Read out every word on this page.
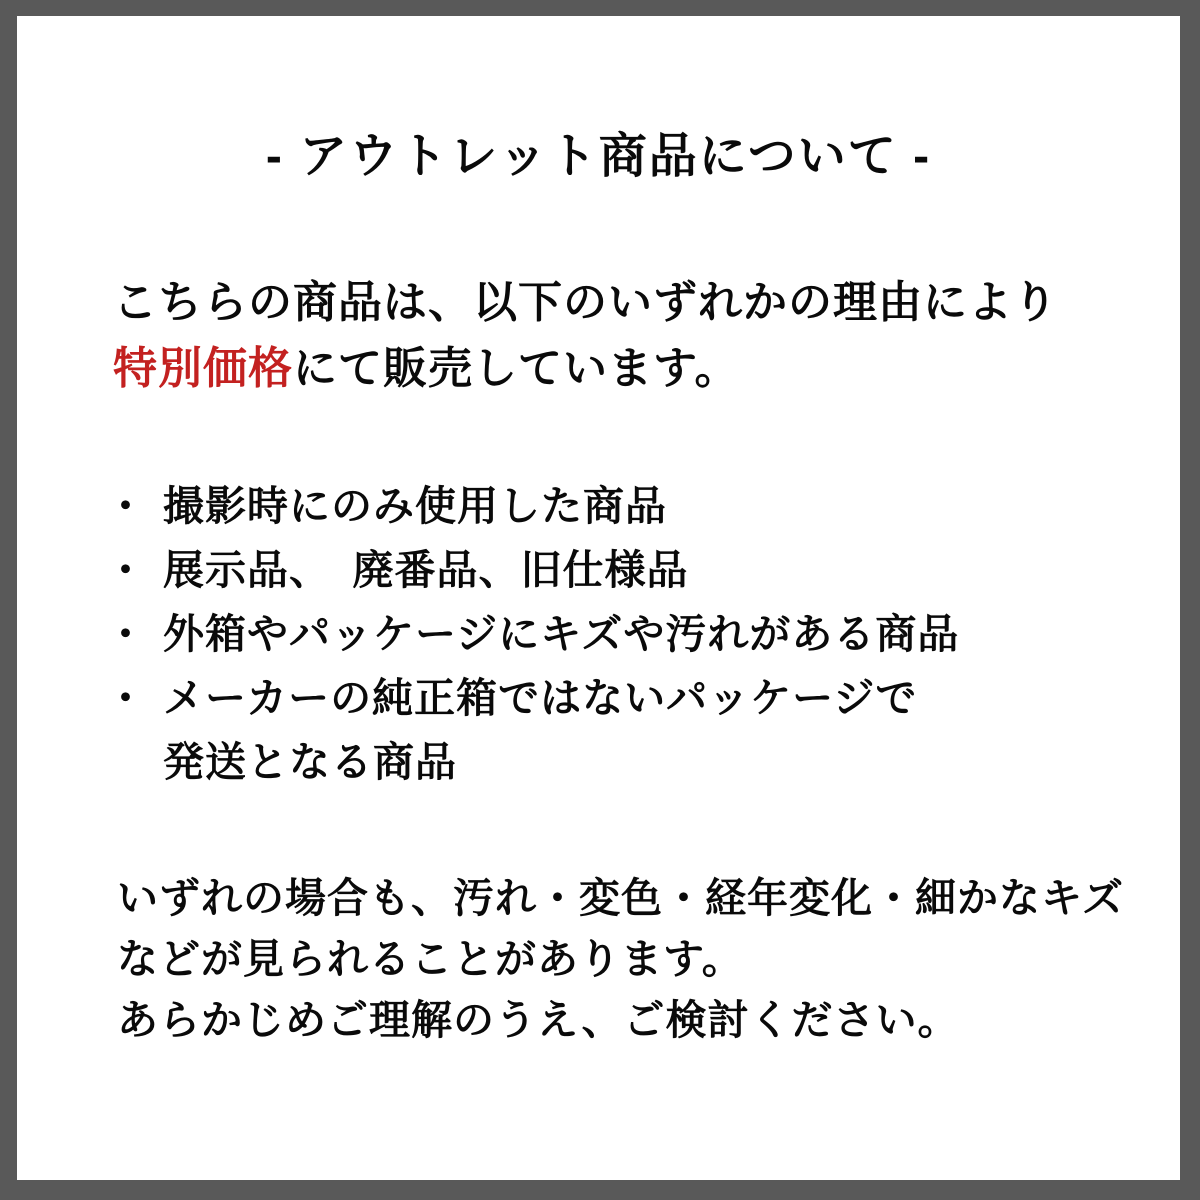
- アウトレット商品について -

こちらの商品は、以下のいずれかの理由により
特別価格にて販売しています。

・ 撮影時にのみ使用した商品
・ 展示品、　廃番品、旧仕様品
・ 外箱やパッケージにキズや汚れがある商品
・ メーカーの純正箱ではないパッケージで
発送となる商品

いずれの場合も、汚れ・変色・経年変化・細かなキズ
などが見られることがあります。
あらかじめご理解のうえ、ご検討ください。
